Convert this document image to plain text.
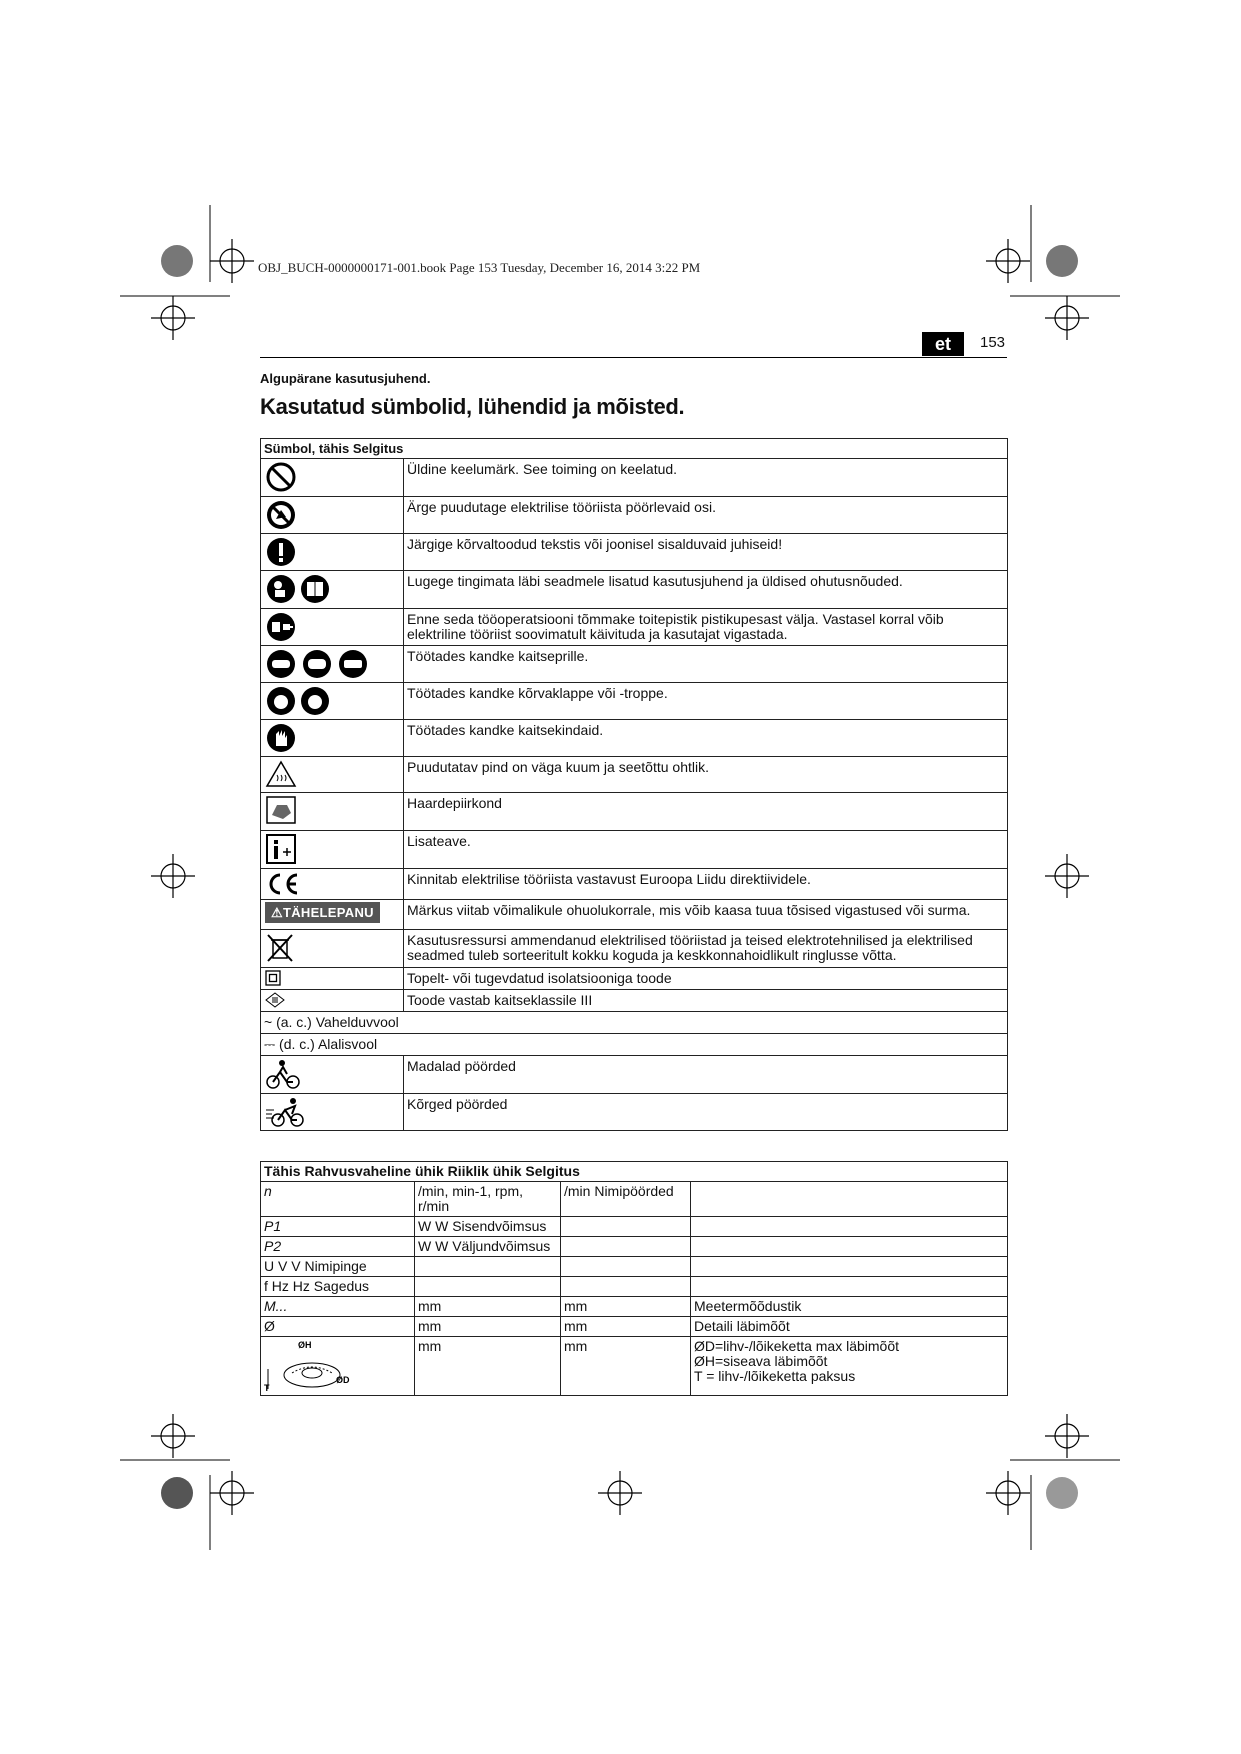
OBJ_BUCH-0000000171-001.book Page 153 Tuesday, December 16, 2014 3:22 PM
et	153
Algupärane kasutusjuhend.
Kasutatud sümbolid, lühendid ja mõisted.
Sümbol, tähis Selgitus	
	Üldine keelumärk. See toiming on keelatud.
	Ärge puudutage elektrilise tööriista pöörlevaid osi.
	Järgige kõrvaltoodud tekstis või joonisel sisalduvaid juhiseid!
	Lugege tingimata läbi seadmele lisatud kasutusjuhend ja üldised ohutusnõuded.
	Enne seda tööoperatsiooni tõmmake toitepistik pistikupesast välja. Vastasel korral võib elektriline tööriist soovimatult käivituda ja kasutajat vigastada.
	Töötades kandke kaitseprille.
	Töötades kandke kõrvaklappe või -troppe.
	Töötades kandke kaitsekindaid.
	Puudutatav pind on väga kuum ja seetõttu ohtlik.
	Haardepiirkond
	Lisateave.
	Kinnitab elektrilise tööriista vastavust Euroopa Liidu direktiividele.
⚠TÄHELEPANU	Märkus viitab võimalikule ohuolukorrale, mis võib kaasa tuua tõsised vigastused või surma.
	Kasutusressursi ammendanud elektrilised tööriistad ja teised elektrotehnilised ja elektrilised seadmed tuleb sorteeritult kokku koguda ja keskkonnahoidlikult ringlusse võtta.
	Topelt- või tugevdatud isolatsiooniga toode
	Toode vastab kaitseklassile III
~ (a. c.) Vahelduvvool	
⎓ (d. c.) Alalisvool	
	Madalad pöörded
	Kõrged pöörded
Tähis Rahvusvaheline ühik Riiklik ühik Selgitus			
n	/min, min-1, rpm, r/min	/min Nimipöörded	
P1	W W Sisendvõimsus		
P2	W W Väljundvõimsus		
U V V Nimipinge			
f Hz Hz Sagedus			
M...	mm	mm	Meetermõõdustik
Ø	mm	mm	Detaili läbimõõt

ØH
ØD
T	mm	mm	ØD=lihv-/lõikeketta max läbimõõt
ØH=siseava läbimõõt
T = lihv-/lõikeketta paksus
